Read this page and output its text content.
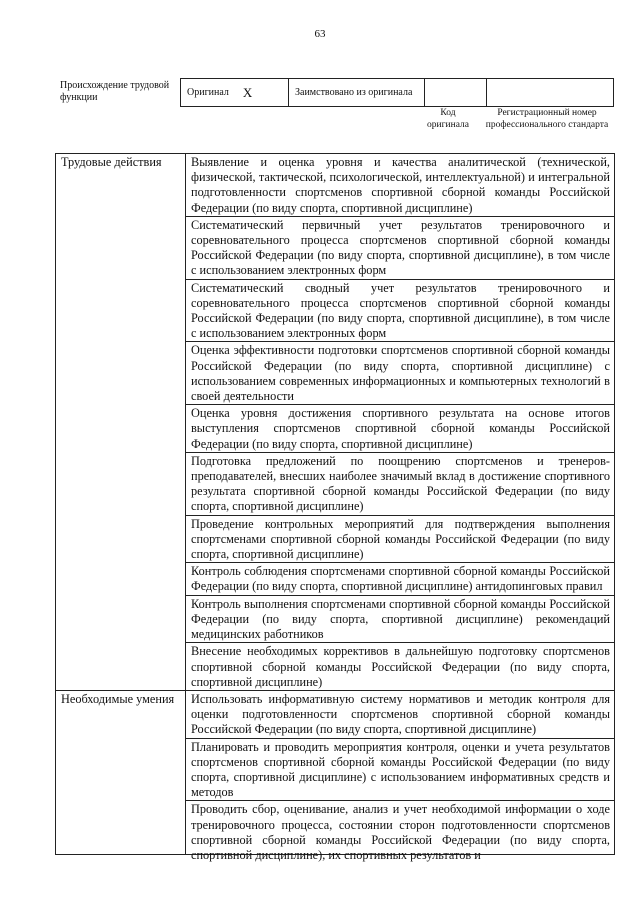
63
Происхождение трудовой функции	Оригинал X	Заимствовано из оригинала
Код оригинала
Регистрационный номер профессионального стандарта
Трудовые действия	Выявление и оценка уровня и качества аналитической (технической, физической, тактической, психологической, интеллектуальной) и интегральной подготовленности спортсменов спортивной сборной команды Российской Федерации (по виду спорта, спортивной дисциплине)
	Систематический первичный учет результатов тренировочного и соревновательного процесса спортсменов спортивной сборной команды Российской Федерации (по виду спорта, спортивной дисциплине), в том числе с использованием электронных форм
	Систематический сводный учет результатов тренировочного и соревновательного процесса спортсменов спортивной сборной команды Российской Федерации (по виду спорта, спортивной дисциплине), в том числе с использованием электронных форм
	Оценка эффективности подготовки спортсменов спортивной сборной команды Российской Федерации (по виду спорта, спортивной дисциплине) с использованием современных информационных и компьютерных технологий в своей деятельности
	Оценка уровня достижения спортивного результата на основе итогов выступления спортсменов спортивной сборной команды Российской Федерации (по виду спорта, спортивной дисциплине)
	Подготовка предложений по поощрению спортсменов и тренеров-преподавателей, внесших наиболее значимый вклад в достижение спортивного результата спортивной сборной команды Российской Федерации (по виду спорта, спортивной дисциплине)
	Проведение контрольных мероприятий для подтверждения выполнения спортсменами спортивной сборной команды Российской Федерации (по виду спорта, спортивной дисциплине)
	Контроль соблюдения спортсменами спортивной сборной команды Российской Федерации (по виду спорта, спортивной дисциплине) антидопинговых правил
	Контроль выполнения спортсменами спортивной сборной команды Российской Федерации (по виду спорта, спортивной дисциплине) рекомендаций медицинских работников
	Внесение необходимых коррективов в дальнейшую подготовку спортсменов спортивной сборной команды Российской Федерации (по виду спорта, спортивной дисциплине)
Необходимые умения	Использовать информативную систему нормативов и методик контроля для оценки подготовленности спортсменов спортивной сборной команды Российской Федерации (по виду спорта, спортивной дисциплине)
	Планировать и проводить мероприятия контроля, оценки и учета результатов спортсменов спортивной сборной команды Российской Федерации (по виду спорта, спортивной дисциплине) с использованием информативных средств и методов

	Проводить сбор, оценивание, анализ и учет необходимой информации о ходе тренировочного процесса, состоянии сторон подготовленности спортсменов спортивной сборной команды Российской Федерации (по виду спорта, спортивной дисциплине), их спортивных результатов и
